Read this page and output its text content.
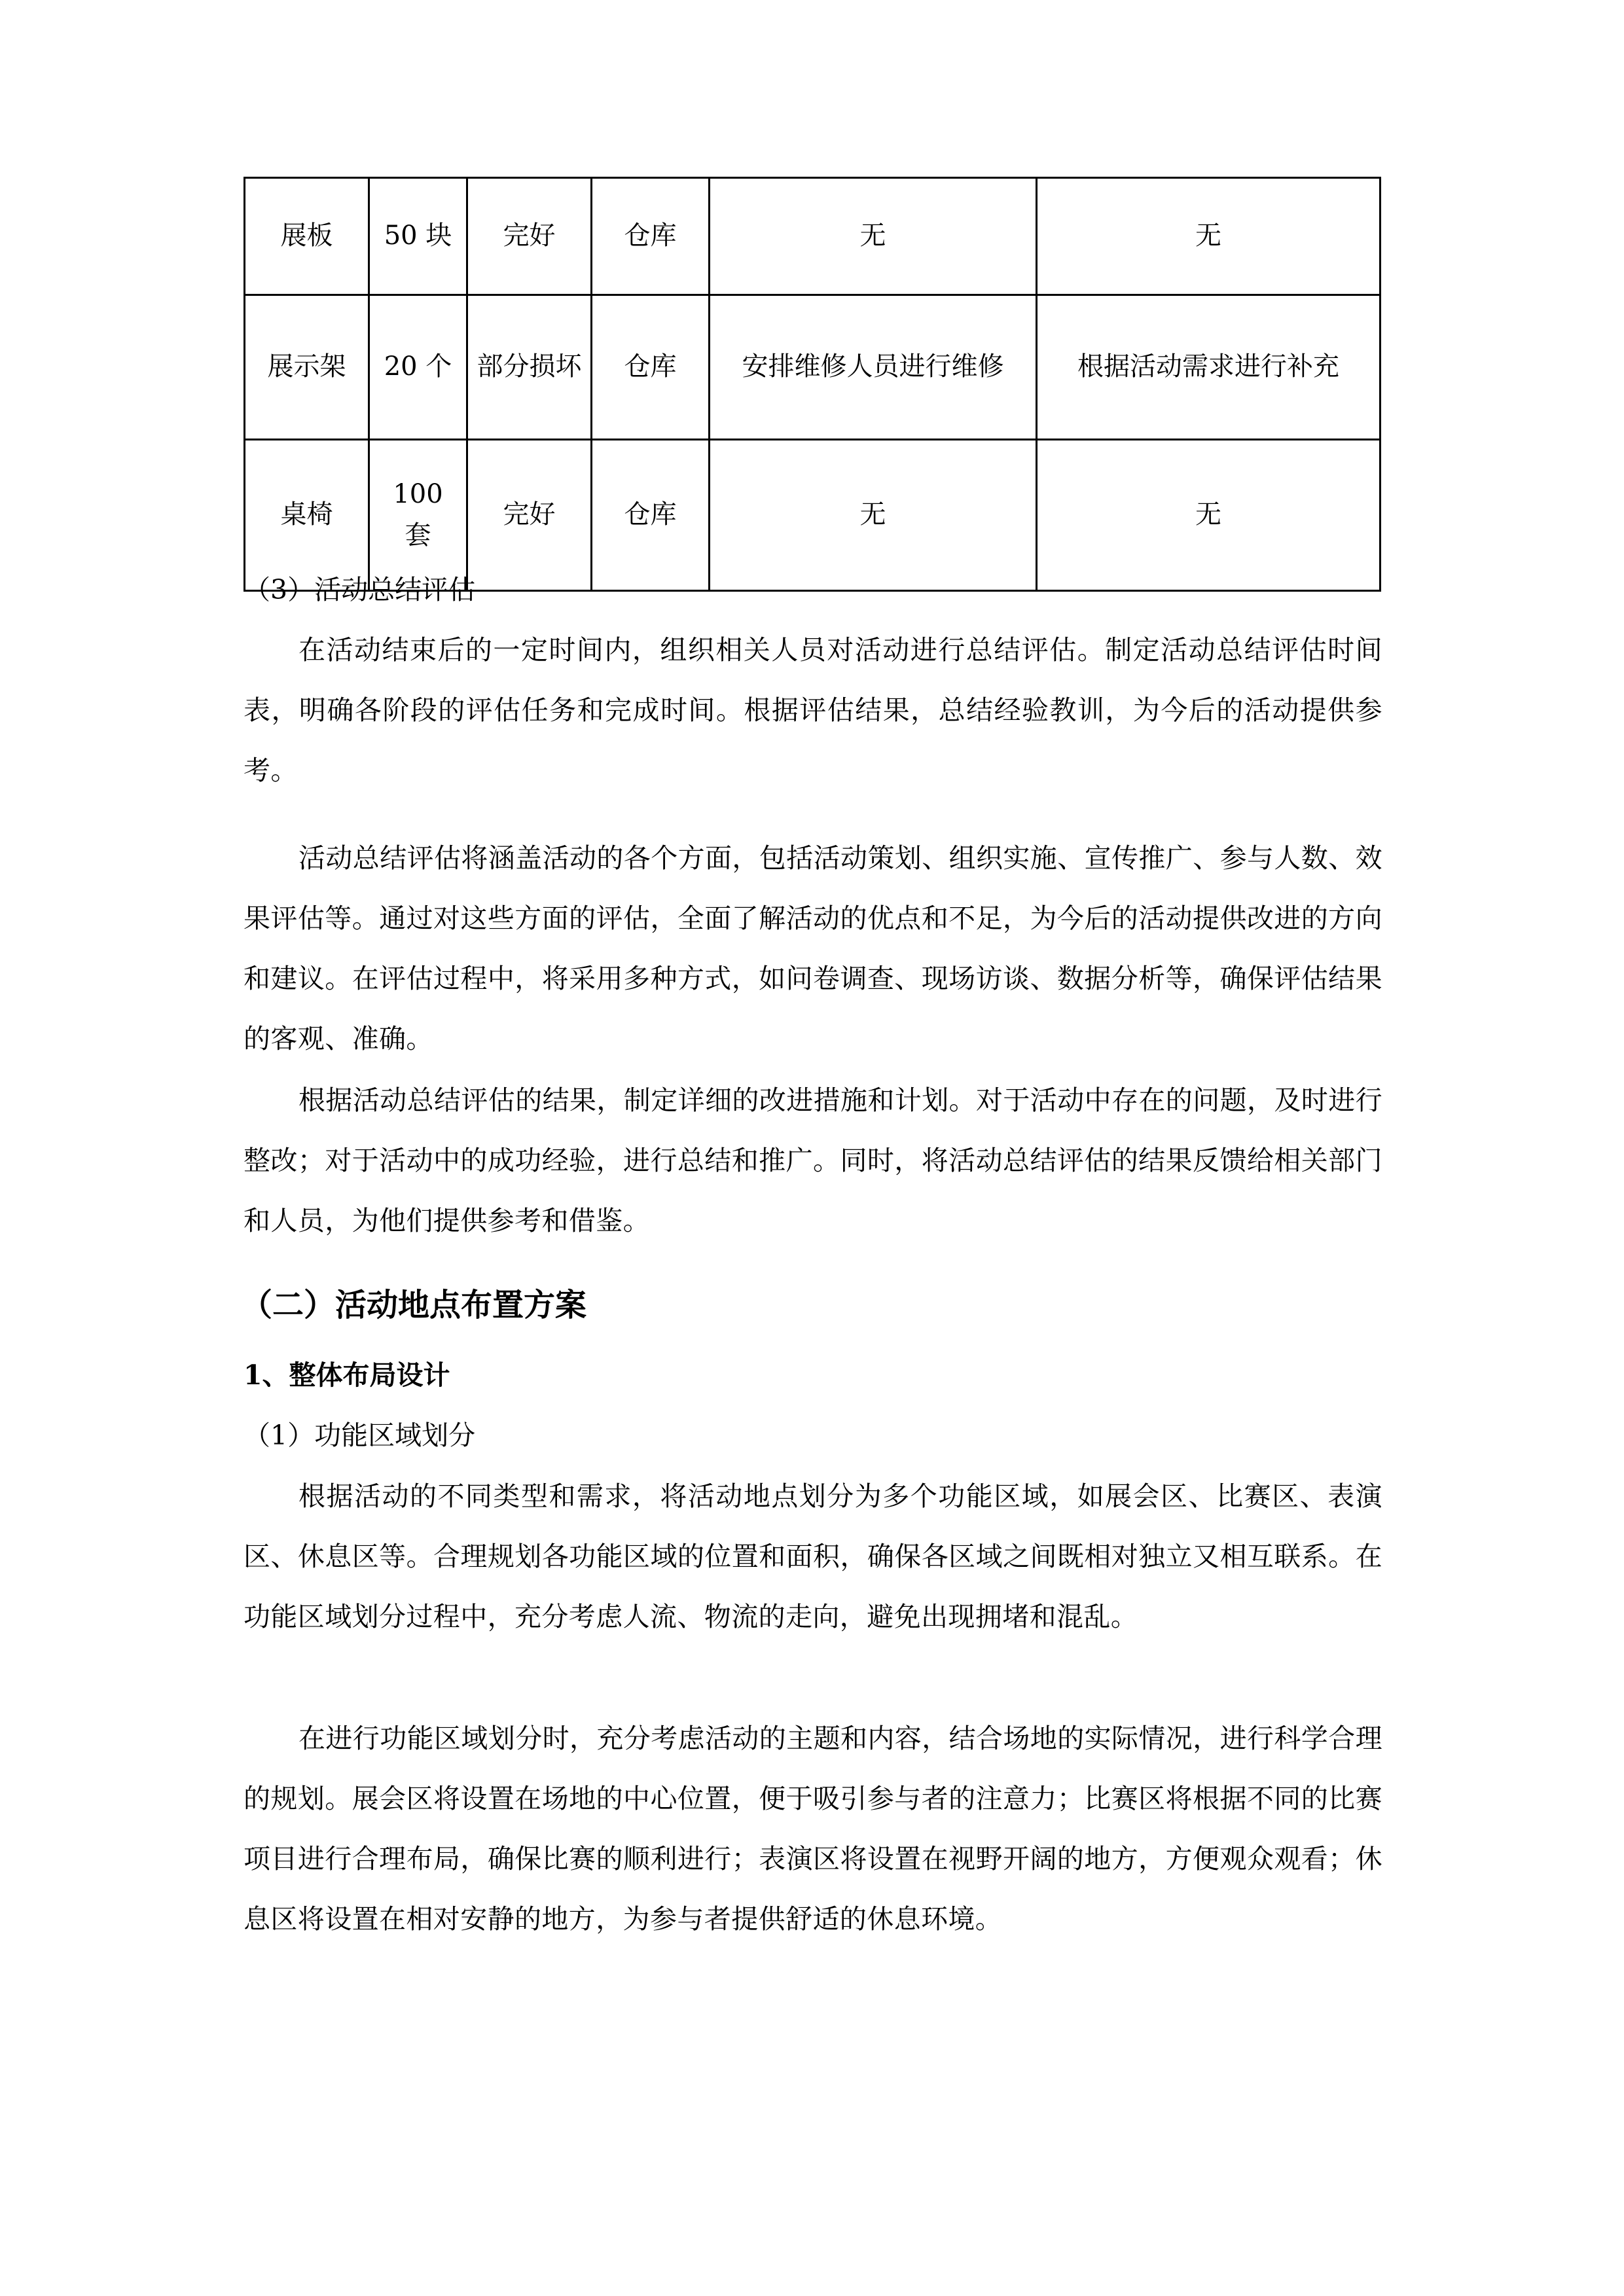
展板	50 块	完好	仓库	无	无
展示架	20 个	部分损坏	仓库	安排维修人员进行维修	根据活动需求进行补充
桌椅	100 套	完好	仓库	无	无
（3）活动总结评估
在活动结束后的一定时间内，组织相关人员对活动进行总结评估。制定活动总结评估时间表，明确各阶段的评估任务和完成时间。根据评估结果，总结经验教训，为今后的活动提供参考。
活动总结评估将涵盖活动的各个方面，包括活动策划、组织实施、宣传推广、参与人数、效果评估等。通过对这些方面的评估，全面了解活动的优点和不足，为今后的活动提供改进的方向和建议。在评估过程中，将采用多种方式，如问卷调查、现场访谈、数据分析等，确保评估结果的客观、准确。
根据活动总结评估的结果，制定详细的改进措施和计划。对于活动中存在的问题，及时进行整改；对于活动中的成功经验，进行总结和推广。同时，将活动总结评估的结果反馈给相关部门和人员，为他们提供参考和借鉴。
（二）活动地点布置方案
1、整体布局设计
（1）功能区域划分
根据活动的不同类型和需求，将活动地点划分为多个功能区域，如展会区、比赛区、表演区、休息区等。合理规划各功能区域的位置和面积，确保各区域之间既相对独立又相互联系。在功能区域划分过程中，充分考虑人流、物流的走向，避免出现拥堵和混乱。
在进行功能区域划分时，充分考虑活动的主题和内容，结合场地的实际情况，进行科学合理的规划。展会区将设置在场地的中心位置，便于吸引参与者的注意力；比赛区将根据不同的比赛项目进行合理布局，确保比赛的顺利进行；表演区将设置在视野开阔的地方，方便观众观看；休息区将设置在相对安静的地方，为参与者提供舒适的休息环境。
